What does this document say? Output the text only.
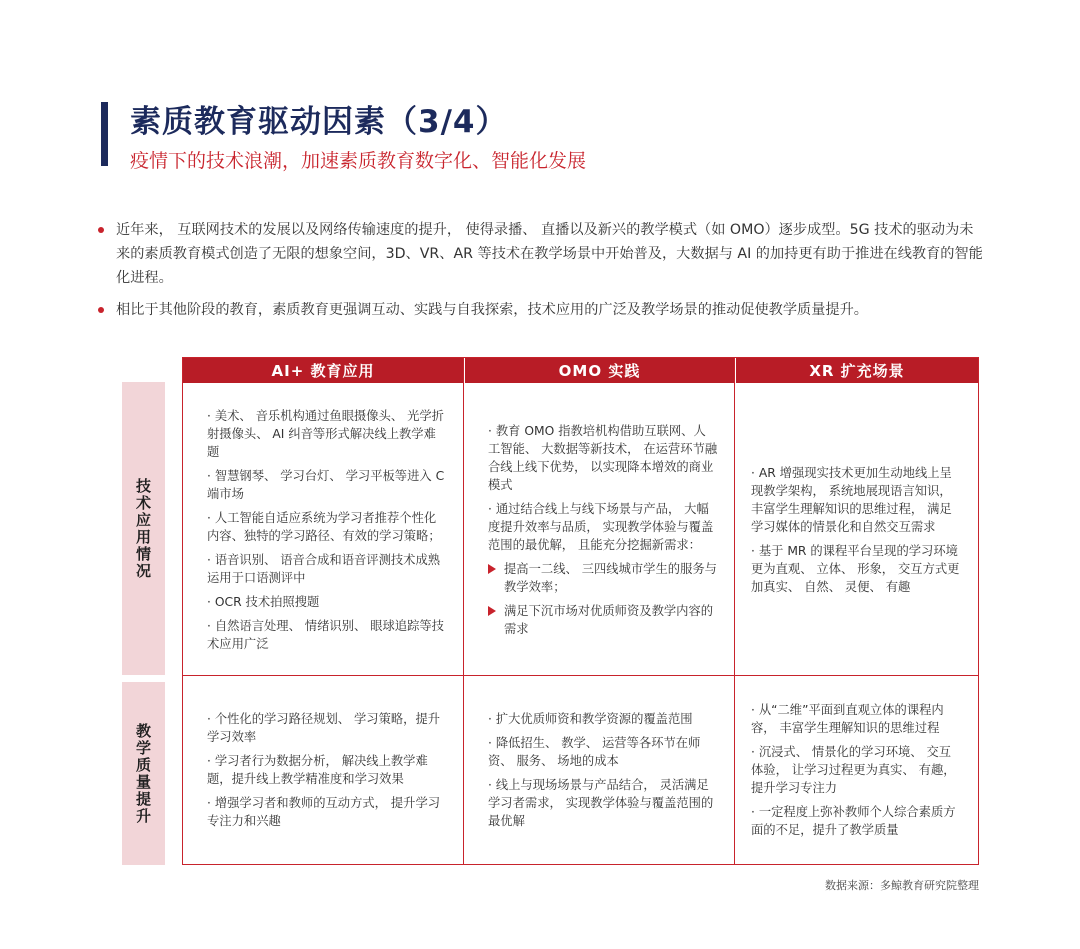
素质教育驱动因素（3/4）
疫情下的技术浪潮，加速素质教育数字化、智能化发展
近年来， 互联网技术的发展以及网络传输速度的提升， 使得录播、 直播以及新兴的教学模式（如 OMO）逐步成型。5G 技术的驱动为未来的素质教育模式创造了无限的想象空间，3D、VR、AR 等技术在教学场景中开始普及，大数据与 AI 的加持更有助于推进在线教育的智能化进程。
相比于其他阶段的教育，素质教育更强调互动、实践与自我探索，技术应用的广泛及教学场景的推动促使教学质量提升。
技术应用情况
教学质量提升
AI+ 教育应用	OMO 实践	XR 扩充场景
· 美术、 音乐机构通过鱼眼摄像头、 光学折射摄像头、 AI 纠音等形式解决线上教学难题
· 智慧钢琴、 学习台灯、 学习平板等进入 C 端市场
· 人工智能自适应系统为学习者推荐个性化内容、独特的学习路径、有效的学习策略；
· 语音识别、 语音合成和语音评测技术成熟运用于口语测评中
· OCR 技术拍照搜题
· 自然语言处理、 情绪识别、 眼球追踪等技术应用广泛
· 教育 OMO 指教培机构借助互联网、人工智能、 大数据等新技术， 在运营环节融合线上线下优势， 以实现降本增效的商业模式
· 通过结合线上与线下场景与产品， 大幅度提升效率与品质， 实现教学体验与覆盖范围的最优解， 且能充分挖掘新需求：
提高一二线、 三四线城市学生的服务与教学效率；
满足下沉市场对优质师资及教学内容的需求
· AR 增强现实技术更加生动地线上呈现教学架构， 系统地展现语言知识， 丰富学生理解知识的思维过程， 满足学习媒体的情景化和自然交互需求
· 基于 MR 的课程平台呈现的学习环境更为直观、 立体、 形象， 交互方式更加真实、 自然、 灵便、 有趣
· 个性化的学习路径规划、 学习策略，提升学习效率
· 学习者行为数据分析， 解决线上教学难题，提升线上教学精准度和学习效果
· 增强学习者和教师的互动方式， 提升学习专注力和兴趣
· 扩大优质师资和教学资源的覆盖范围
· 降低招生、 教学、 运营等各环节在师资、 服务、 场地的成本
· 线上与现场场景与产品结合， 灵活满足学习者需求， 实现教学体验与覆盖范围的最优解
· 从“二维”平面到直观立体的课程内容， 丰富学生理解知识的思维过程
· 沉浸式、 情景化的学习环境、 交互体验， 让学习过程更为真实、 有趣，提升学习专注力
· 一定程度上弥补教师个人综合素质方面的不足，提升了教学质量
数据来源：多鲸教育研究院整理
